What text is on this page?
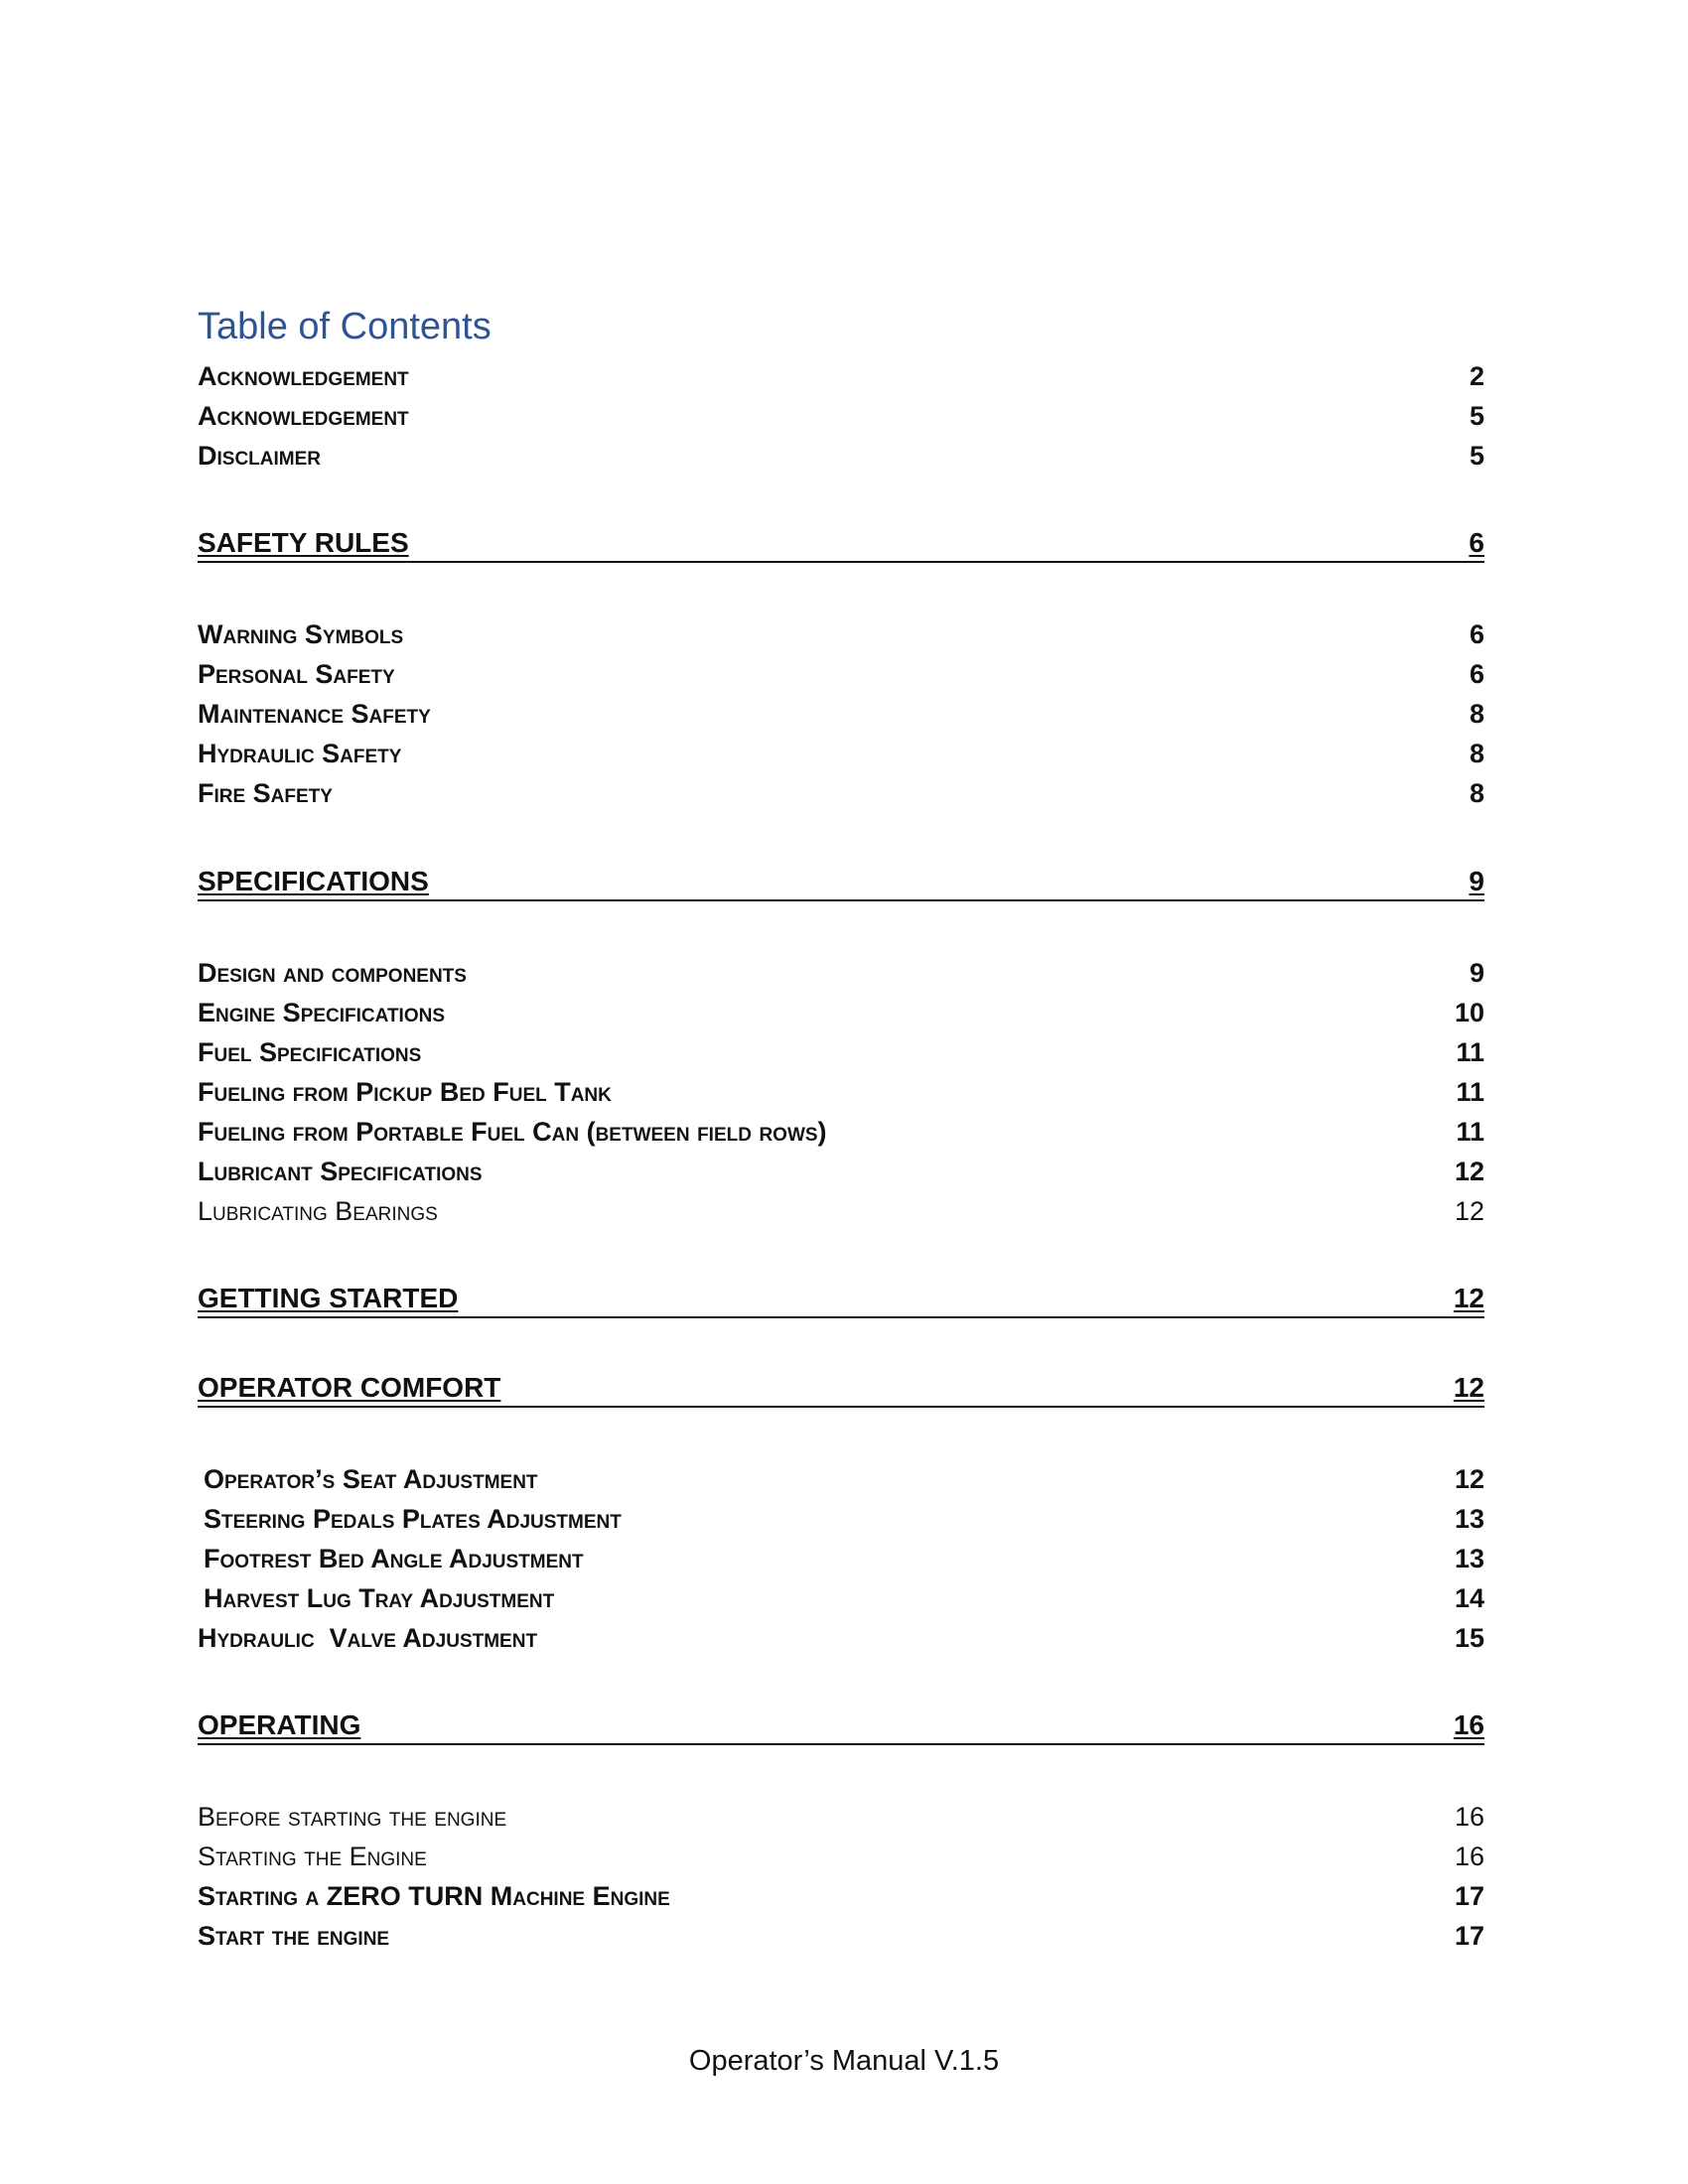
Table of Contents
Acknowledgement	2
Acknowledgement	5
Disclaimer	5
SAFETY RULES	6
Warning Symbols	6
Personal Safety	6
Maintenance Safety	8
Hydraulic Safety	8
Fire Safety	8
SPECIFICATIONS	9
Design and components	9
Engine Specifications	10
Fuel Specifications	11
Fueling from Pickup Bed Fuel Tank	11
Fueling from Portable Fuel Can (between field rows)	11
Lubricant Specifications	12
Lubricating Bearings	12
GETTING STARTED	12
OPERATOR COMFORT	12
Operator’s Seat Adjustment	12
Steering Pedals Plates Adjustment	13
Footrest Bed Angle Adjustment	13
Harvest Lug Tray Adjustment	14
Hydraulic  Valve Adjustment	15
OPERATING	16
Before starting the engine	16
Starting the Engine	16
Starting a ZERO TURN Machine Engine	17
Start the engine	17
Operator’s Manual V.1.5
